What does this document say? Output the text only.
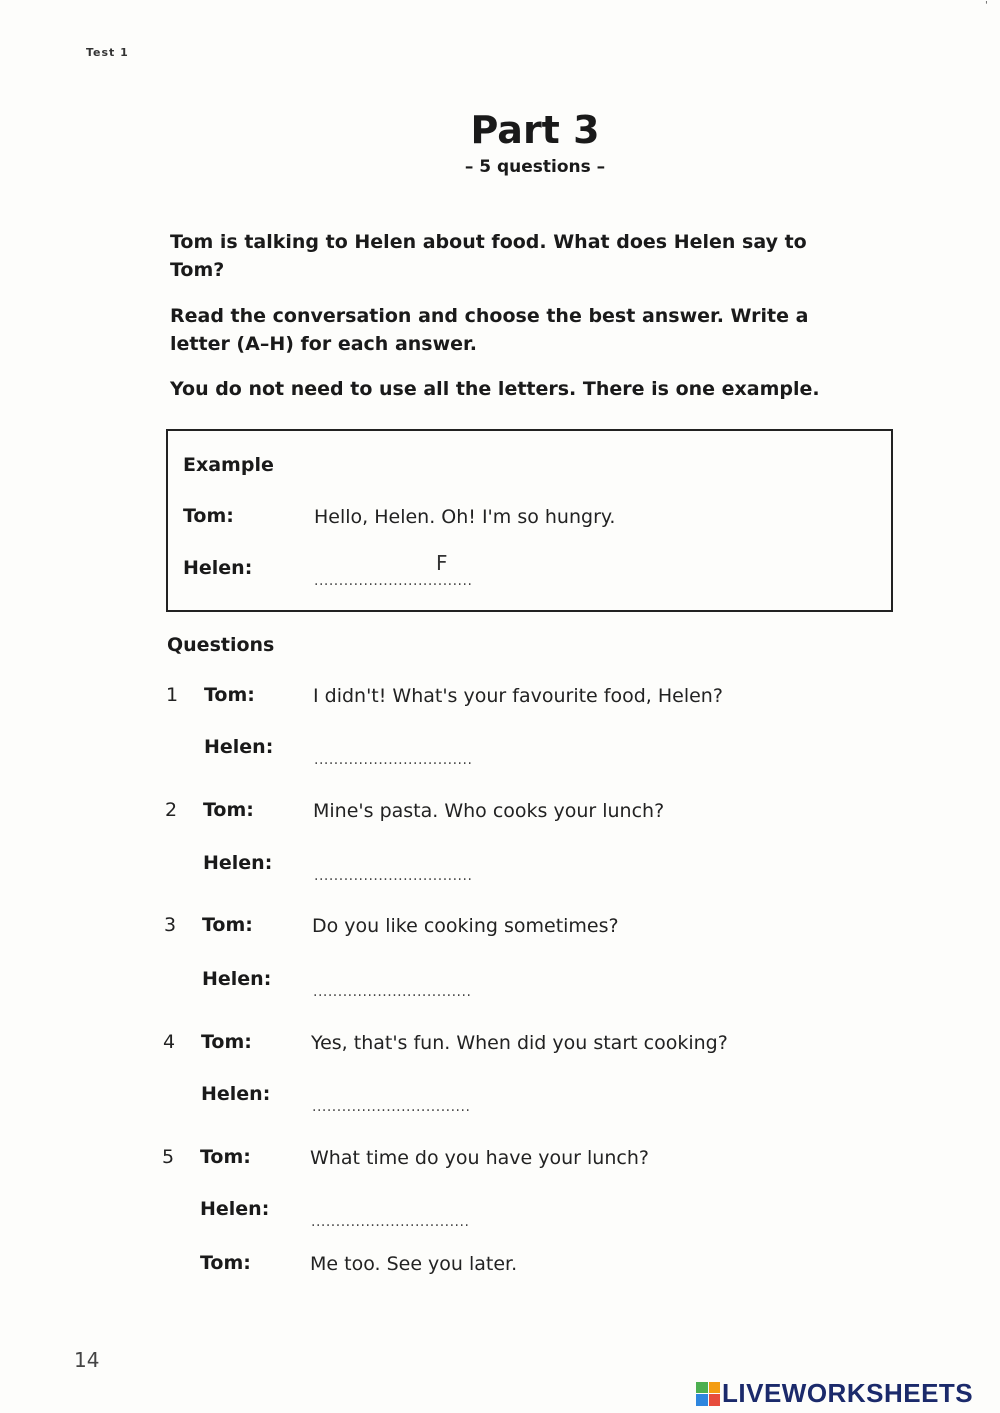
'
Test 1
Part 3
– 5 questions –
Tom is talking to Helen about food. What does Helen say to Tom?
Read the conversation and choose the best answer. Write a letter (A–H) for each answer.
You do not need to use all the letters. There is one example.
Example
Tom:	Hello, Helen. Oh! I'm so hungry.
Helen:	F
................................
Questions
1 Tom:	I didn't! What's your favourite food, Helen?
Helen:
................................
2 Tom:	Mine's pasta. Who cooks your lunch?
Helen:
................................
3 Tom:	Do you like cooking sometimes?
Helen:
................................
4 Tom:	Yes, that's fun. When did you start cooking?
Helen:
................................
5 Tom:	What time do you have your lunch?
Helen:
................................
Tom:	Me too. See you later.
14
LIVEWORKSHEETS
